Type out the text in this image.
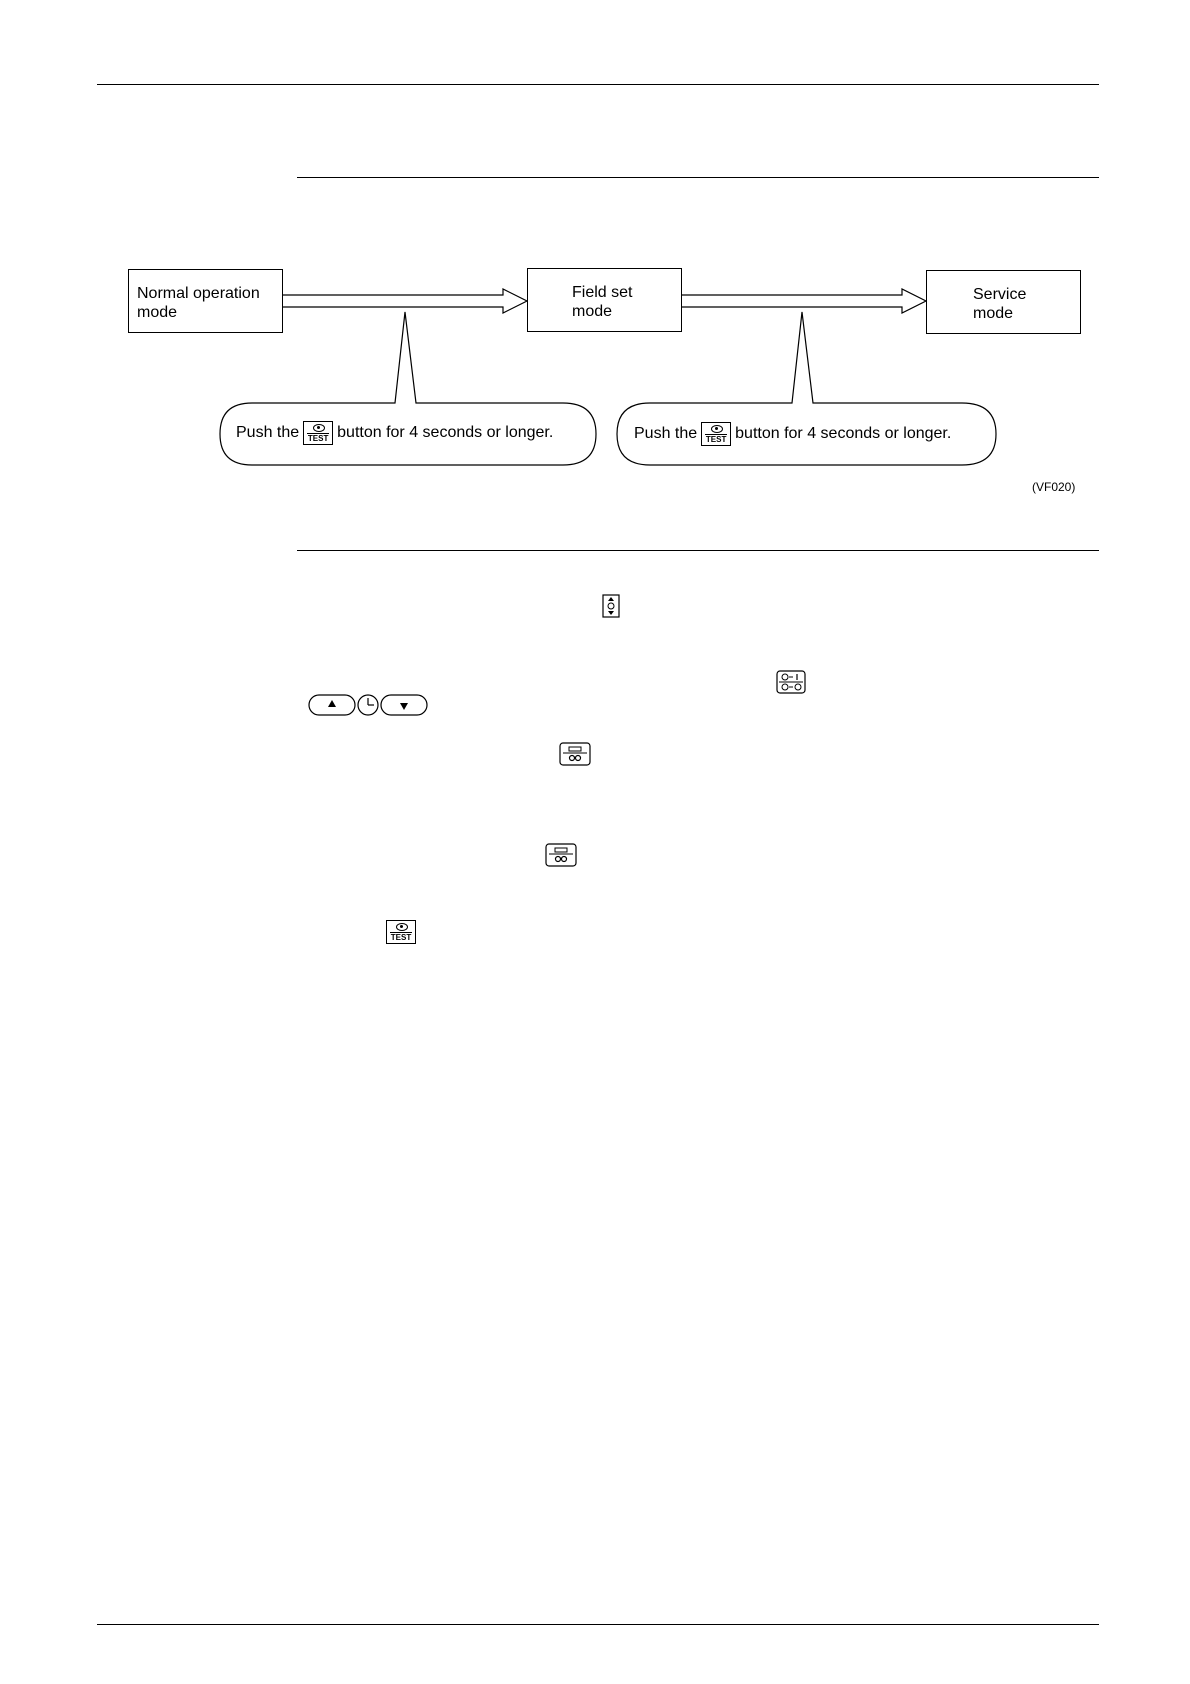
Normal operation
mode
Field set
mode
Service
mode
Push the TEST button for 4 seconds or longer.	Push the TEST button for 4 seconds or longer.
(VF020)
TEST
